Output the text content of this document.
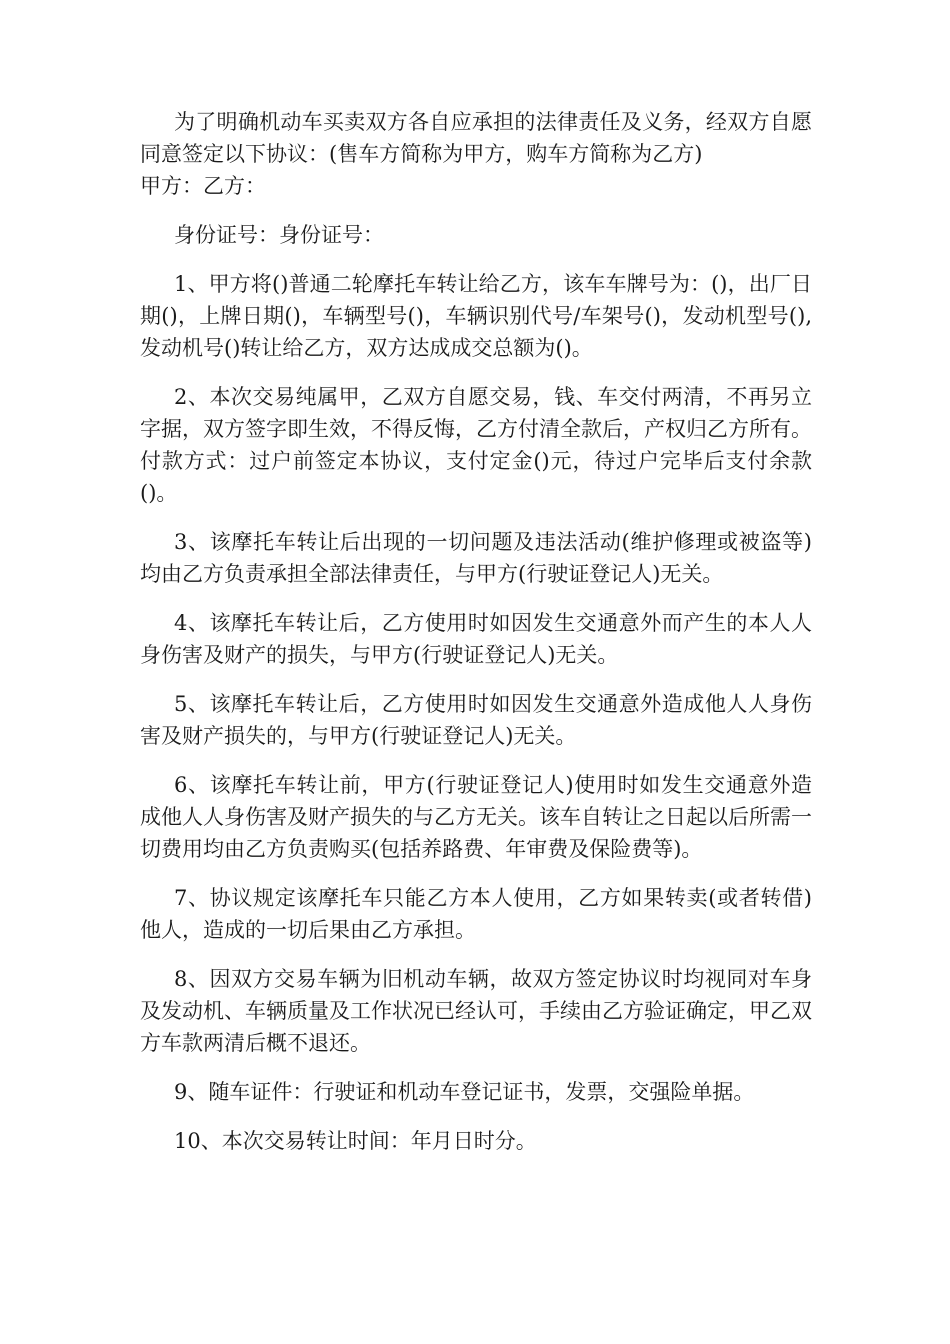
为了明确机动车买卖双方各自应承担的法律责任及义务，经双方自愿同意签定以下协议：(售车方简称为甲方，购车方简称为乙方)

甲方：乙方：

身份证号：身份证号：

1、甲方将()普通二轮摩托车转让给乙方，该车车牌号为：()，出厂日期()，上牌日期()，车辆型号()，车辆识别代号/车架号()，发动机型号(),发动机号()转让给乙方，双方达成成交总额为()。

2、本次交易纯属甲，乙双方自愿交易，钱、车交付两清，不再另立字据，双方签字即生效，不得反悔，乙方付清全款后，产权归乙方所有。付款方式：过户前签定本协议，支付定金()元，待过户完毕后支付余款()。

3、该摩托车转让后出现的一切问题及违法活动(维护修理或被盗等)均由乙方负责承担全部法律责任，与甲方(行驶证登记人)无关。

4、该摩托车转让后，乙方使用时如因发生交通意外而产生的本人人身伤害及财产的损失，与甲方(行驶证登记人)无关。

5、该摩托车转让后，乙方使用时如因发生交通意外造成他人人身伤害及财产损失的，与甲方(行驶证登记人)无关。

6、该摩托车转让前，甲方(行驶证登记人)使用时如发生交通意外造成他人人身伤害及财产损失的与乙方无关。该车自转让之日起以后所需一切费用均由乙方负责购买(包括养路费、年审费及保险费等)。

7、协议规定该摩托车只能乙方本人使用，乙方如果转卖(或者转借)他人，造成的一切后果由乙方承担。

8、因双方交易车辆为旧机动车辆，故双方签定协议时均视同对车身及发动机、车辆质量及工作状况已经认可，手续由乙方验证确定，甲乙双方车款两清后概不退还。

9、随车证件：行驶证和机动车登记证书，发票，交强险单据。

10、本次交易转让时间：年月日时分。
